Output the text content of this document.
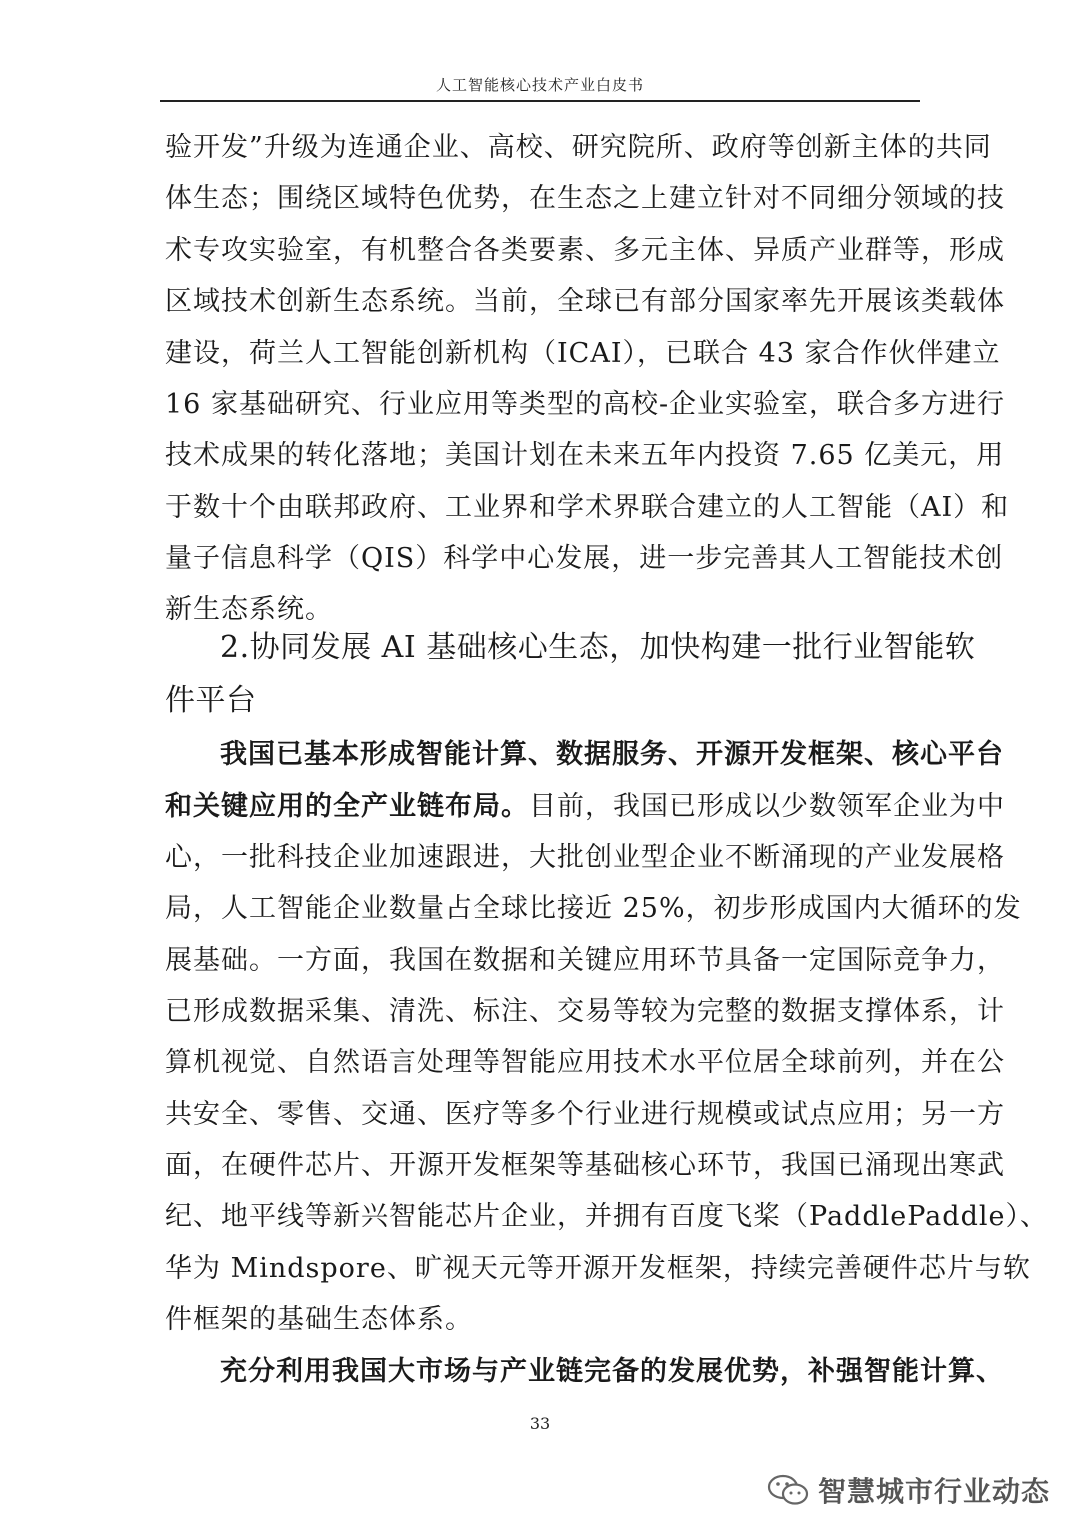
人工智能核心技术产业白皮书
验开发”升级为连通企业、高校、研究院所、政府等创新主体的共同
体生态；围绕区域特色优势，在生态之上建立针对不同细分领域的技
术专攻实验室，有机整合各类要素、多元主体、异质产业群等，形成
区域技术创新生态系统。当前，全球已有部分国家率先开展该类载体
建设，荷兰人工智能创新机构（ICAI），已联合 43 家合作伙伴建立
16 家基础研究、行业应用等类型的高校-企业实验室，联合多方进行
技术成果的转化落地；美国计划在未来五年内投资 7.65 亿美元，用
于数十个由联邦政府、工业界和学术界联合建立的人工智能（AI）和
量子信息科学（QIS）科学中心发展，进一步完善其人工智能技术创
新生态系统。
2.协同发展 AI 基础核心生态，加快构建一批行业智能软
件平台
我国已基本形成智能计算、数据服务、开源开发框架、核心平台
和关键应用的全产业链布局。目前，我国已形成以少数领军企业为中
心，一批科技企业加速跟进，大批创业型企业不断涌现的产业发展格
局，人工智能企业数量占全球比接近 25%，初步形成国内大循环的发
展基础。一方面，我国在数据和关键应用环节具备一定国际竞争力，
已形成数据采集、清洗、标注、交易等较为完整的数据支撑体系，计
算机视觉、自然语言处理等智能应用技术水平位居全球前列，并在公
共安全、零售、交通、医疗等多个行业进行规模或试点应用；另一方
面，在硬件芯片、开源开发框架等基础核心环节，我国已涌现出寒武
纪、地平线等新兴智能芯片企业，并拥有百度飞桨（PaddlePaddle）、
华为 Mindspore、旷视天元等开源开发框架，持续完善硬件芯片与软
件框架的基础生态体系。
充分利用我国大市场与产业链完备的发展优势，补强智能计算、
33
智慧城市行业动态
